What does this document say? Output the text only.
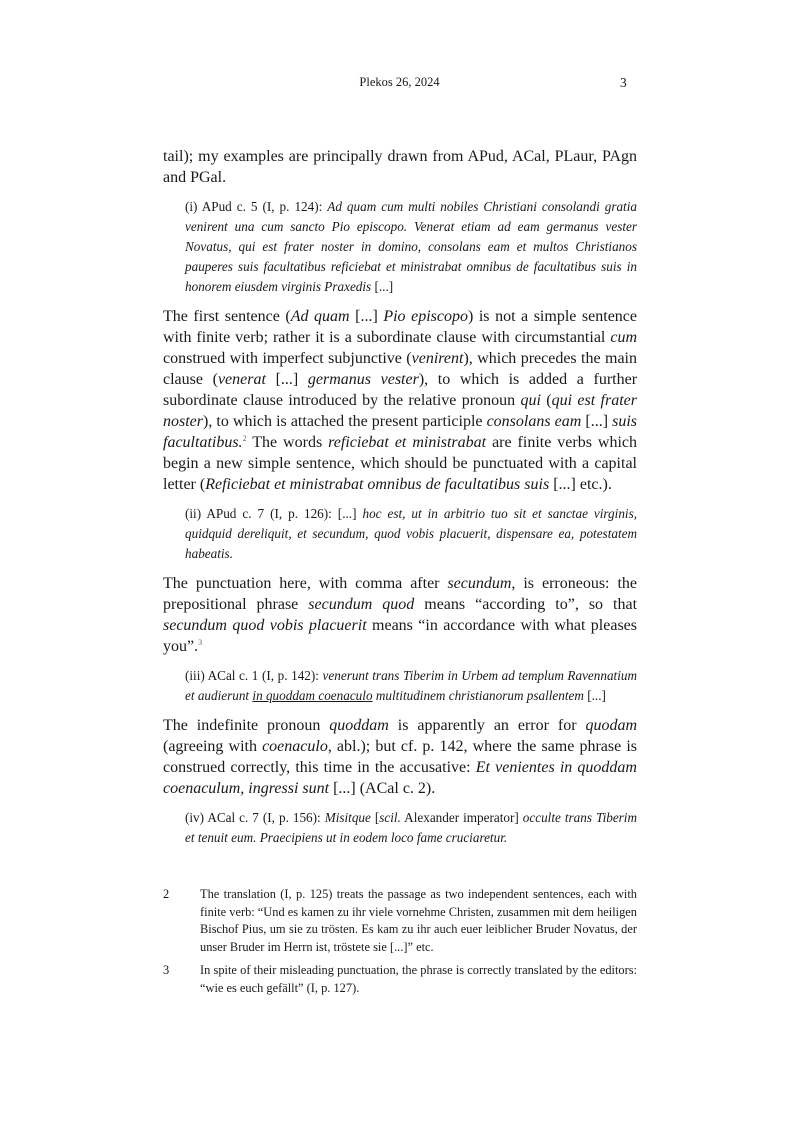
Plekos 26, 2024	3

tail); my examples are principally drawn from APud, ACal, PLaur, PAgn and PGal.

(i) APud c. 5 (I, p. 124): Ad quam cum multi nobiles Christiani consolandi gratia venirent una cum sancto Pio episcopo. Venerat etiam ad eam germanus vester Novatus, qui est frater noster in domino, consolans eam et multos Christianos pauperes suis facultatibus reficiebat et ministrabat omnibus de facultatibus suis in honorem eiusdem virginis Praxedis [...]

The first sentence (Ad quam [...] Pio episcopo) is not a simple sentence with finite verb; rather it is a subordinate clause with circumstantial cum construed with imperfect subjunctive (venirent), which precedes the main clause (venerat [...] germanus vester), to which is added a further subordinate clause introduced by the relative pronoun qui (qui est frater noster), to which is attached the present participle consolans eam [...] suis facultatibus.$^2$ The words reficiebat et ministrabat are finite verbs which begin a new simple sentence, which should be punctuated with a capital letter (Reficiebat et ministrabat omnibus de facultatibus suis [...] etc.).

(ii) APud c. 7 (I, p. 126): [...] hoc est, ut in arbitrio tuo sit et sanctae virginis, quidquid dereliquit, et secundum, quod vobis placuerit, dispensare ea, potestatem habeatis.

The punctuation here, with comma after secundum, is erroneous: the prepositional phrase secundum quod means “according to”, so that secundum quod vobis placuerit means “in accordance with what pleases you”.$^3$

(iii) ACal c. 1 (I, p. 142): venerunt trans Tiberim in Urbem ad templum Ravennatium et audierunt in quoddam coenaculo multitudinem christianorum psallentem [...]

The indefinite pronoun quoddam is apparently an error for quodam (agreeing with coenaculo, abl.); but cf. p. 142, where the same phrase is construed correctly, this time in the accusative: Et venientes in quoddam coenaculum, ingressi sunt [...] (ACal c. 2).

(iv) ACal c. 7 (I, p. 156): Misitque [scil. Alexander imperator] occulte trans Tiberim et tenuit eum. Praecipiens ut in eodem loco fame cruciaretur.

2 The translation (I, p. 125) treats the passage as two independent sentences, each with finite verb: “Und es kamen zu ihr viele vornehme Christen, zusammen mit dem heiligen Bischof Pius, um sie zu trösten. Es kam zu ihr auch euer leiblicher Bruder Novatus, der unser Bruder im Herrn ist, tröstete sie [...]” etc.
3 In spite of their misleading punctuation, the phrase is correctly translated by the editors: “wie es euch gefällt” (I, p. 127).
